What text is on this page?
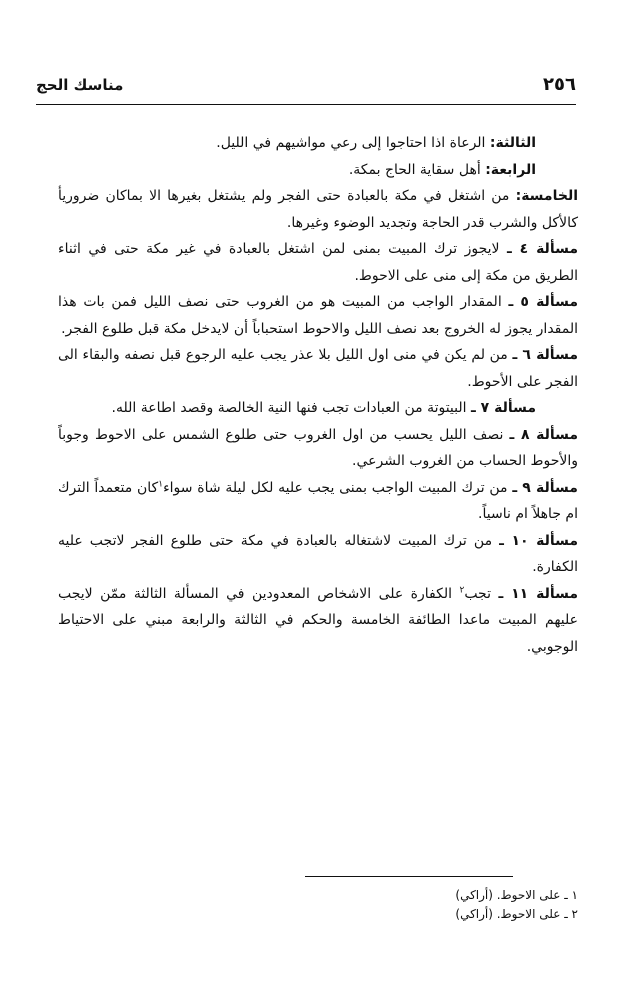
٢٥٦
مناسك الحج

الثالثة: الرعاة اذا احتاجوا إلى رعي مواشيهم في الليل.

الرابعة: أهل سقاية الحاج بمكة.

الخامسة: من اشتغل في مكة بالعبادة حتى الفجر ولم يشتغل بغيرها الا بماكان ضروريأ كالأكل والشرب قدر الحاجة وتجديد الوضوء وغيرها.

مسألة ٤ ـ لايجوز ترك المبيت بمنى لمن اشتغل بالعبادة في غير مكة حتى في اثناء الطريق من مكة إلى منى على الاحوط.

مسألة ٥ ـ المقدار الواجب من المبيت هو من الغروب حتى نصف الليل فمن بات هذا المقدار يجوز له الخروج بعد نصف الليل والاحوط استحباباً أن لايدخل مكة قبل طلوع الفجر.

مسألة ٦ ـ من لم يكن في منى اول الليل بلا عذر يجب عليه الرجوع قبل نصفه والبقاء الى الفجر على الأحوط.

مسألة ٧ ـ البيتوتة من العبادات تجب فنها النية الخالصة وقصد اطاعة الله.

مسألة ٨ ـ نصف الليل يحسب من اول الغروب حتى طلوع الشمس على الاحوط وجوباً والأحوط الحساب من الغروب الشرعي.

مسألة ٩ ـ من ترك المبيت الواجب بمنى يجب عليه لكل ليلة شاة سواء$^١$كان متعمداً الترك ام جاهلاً ام ناسياً.

مسألة ١٠ ـ من ترك المبيت لاشتغاله بالعبادة في مكة حتى طلوع الفجر لاتجب عليه الكفارة.

مسألة ١١ ـ تجب$^٢$ الكفارة على الاشخاص المعدودين في المسألة الثالثة ممّن لايجب عليهم المبيت ماعدا الطائفة الخامسة والحكم في الثالثة والرابعة مبني على الاحتياط الوجوبي.

١ ـ على الاحوط. (أراكي)

٢ ـ على الاحوط. (أراكي)
